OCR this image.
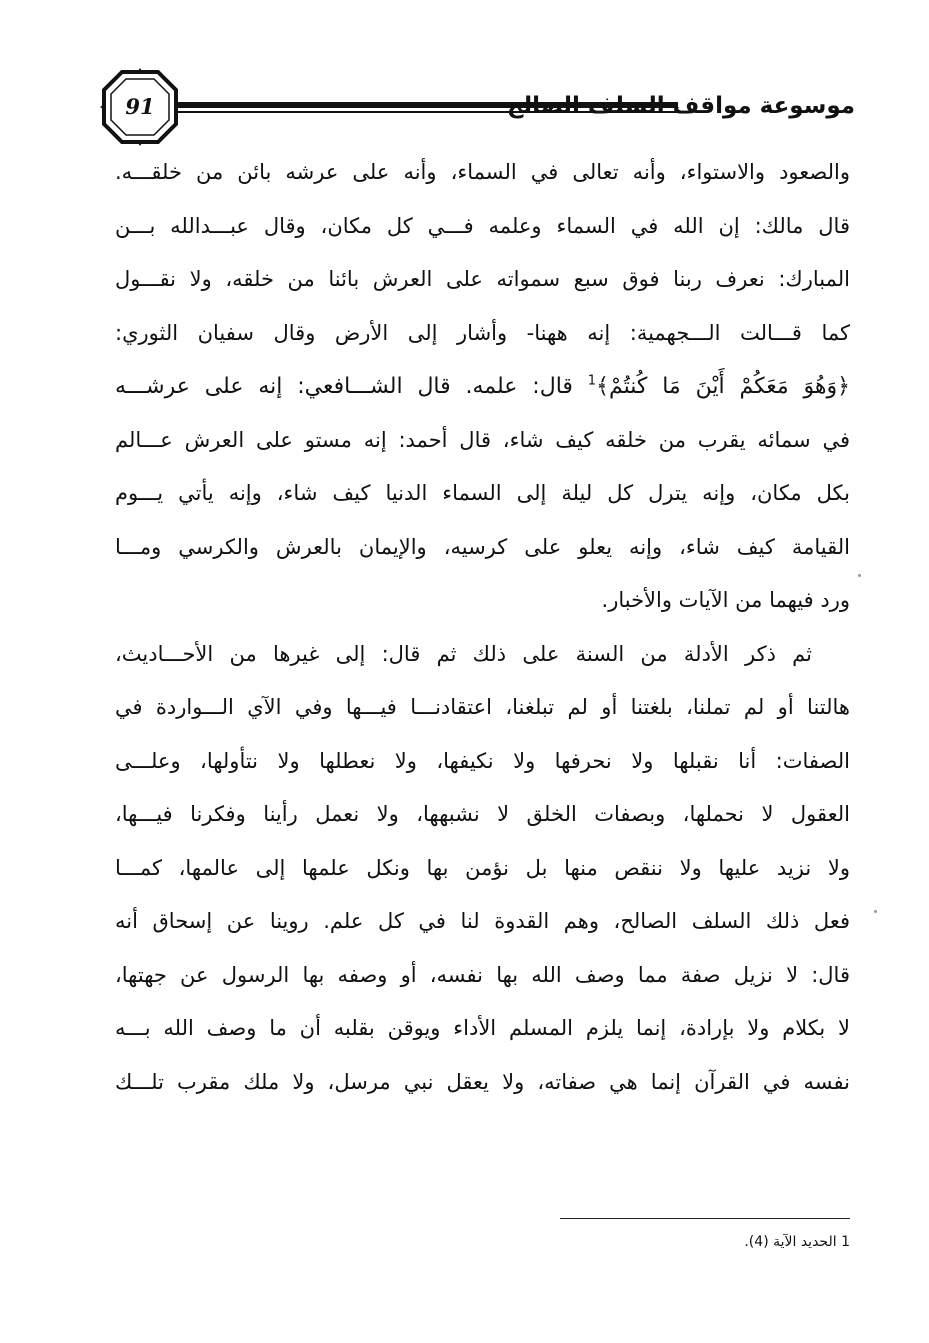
91	موسوعة مواقف السلف الصالح
والصعود والاستواء، وأنه تعالى في السماء، وأنه على عرشه بائن من خلقـــه.
قال مالك: إن الله في السماء وعلمه فـــي كل مكان، وقال عبـــدالله بـــن
المبارك: نعرف ربنا فوق سبع سمواته على العرش بائنا من خلقه، ولا نقـــول
كما قـــالت الـــجهمية: إنه ههنا- وأشار إلى الأرض وقال سفيان الثوري:
﴿وَهُوَ مَعَكُمْ أَيْنَ مَا كُنتُمْ﴾$^1$ قال: علمه. قال الشـــافعي: إنه على عرشـــه
في سمائه يقرب من خلقه كيف شاء، قال أحمد: إنه مستو على العرش عـــالم
بكل مكان، وإنه يترل كل ليلة إلى السماء الدنيا كيف شاء، وإنه يأتي يـــوم
القيامة كيف شاء، وإنه يعلو على كرسيه، والإيمان بالعرش والكرسي ومـــا
ورد فيهما من الآيات والأخبار.
ثم ذكر الأدلة من السنة على ذلك ثم قال: إلى غيرها من الأحـــاديث،
هالتنا أو لم تملنا، بلغتنا أو لم تبلغنا، اعتقادنـــا فيـــها وفي الآي الـــواردة في
الصفات: أنا نقبلها ولا نحرفها ولا نكيفها، ولا نعطلها ولا نتأولها، وعلـــى
العقول لا نحملها، وبصفات الخلق لا نشبهها، ولا نعمل رأينا وفكرنا فيـــها،
ولا نزيد عليها ولا ننقص منها بل نؤمن بها ونكل علمها إلى عالمها، كمـــا
فعل ذلك السلف الصالح، وهم القدوة لنا في كل علم. روينا عن إسحاق أنه
قال: لا نزيل صفة مما وصف الله بها نفسه، أو وصفه بها الرسول عن جهتها،
لا بكلام ولا بإرادة، إنما يلزم المسلم الأداء ويوقن بقلبه أن ما وصف الله بـــه
نفسه في القرآن إنما هي صفاته، ولا يعقل نبي مرسل، ولا ملك مقرب تلـــك
1 الحديد الآية (4).
